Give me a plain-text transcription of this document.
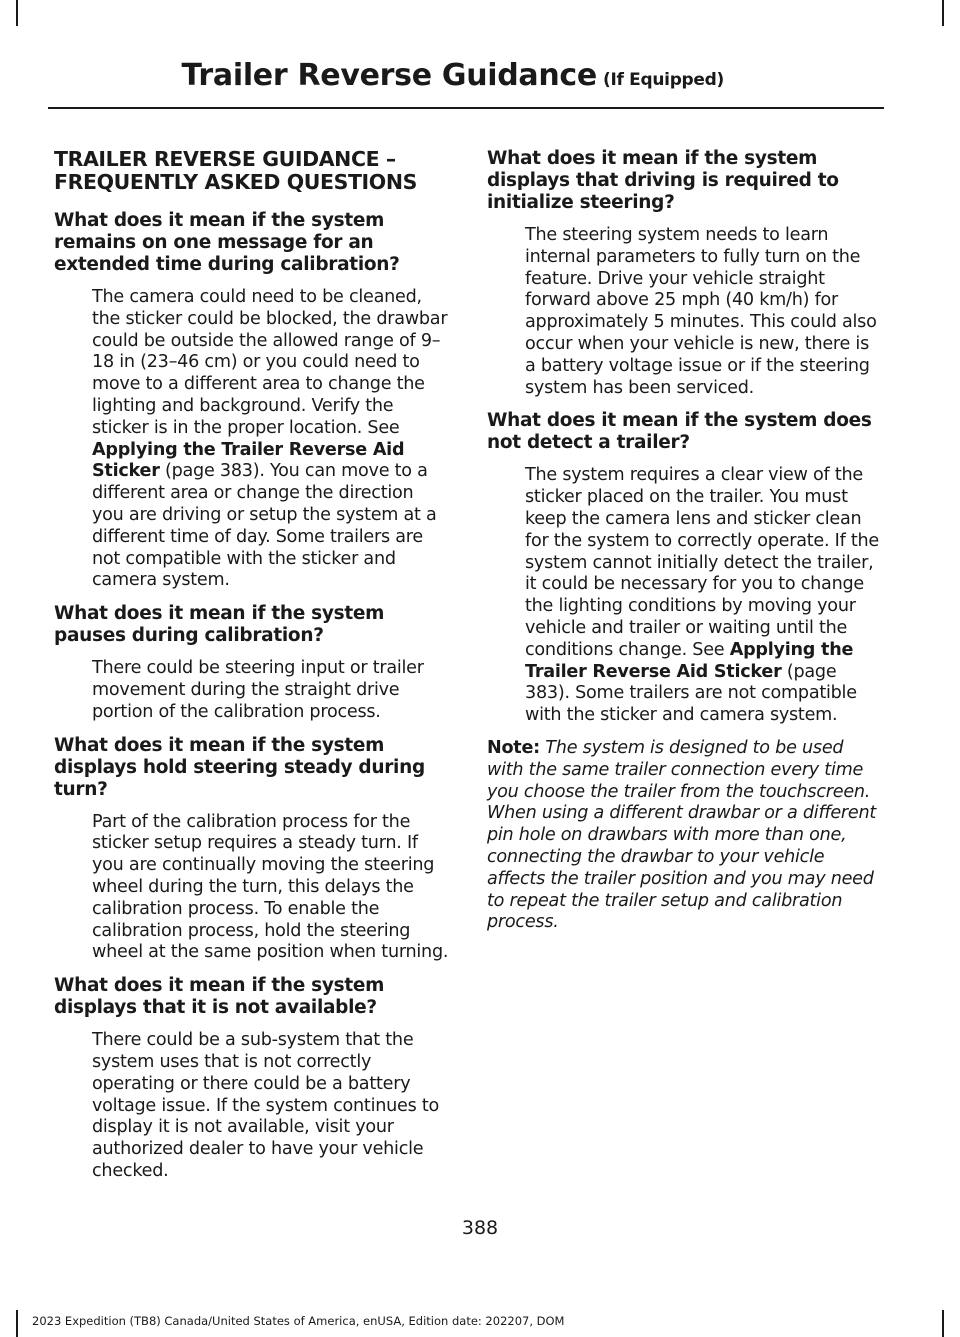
Trailer Reverse Guidance (If Equipped)
TRAILER REVERSE GUIDANCE – FREQUENTLY ASKED QUESTIONS

What does it mean if the system remains on one message for an extended time during calibration?

The camera could need to be cleaned, the sticker could be blocked, the drawbar could be outside the allowed range of 9–18 in (23–46 cm) or you could need to move to a different area to change the lighting and background. Verify the sticker is in the proper location. See Applying the Trailer Reverse Aid Sticker (page 383). You can move to a different area or change the direction you are driving or setup the system at a different time of day. Some trailers are not compatible with the sticker and camera system.

What does it mean if the system pauses during calibration?

There could be steering input or trailer movement during the straight drive portion of the calibration process.

What does it mean if the system displays hold steering steady during turn?

Part of the calibration process for the sticker setup requires a steady turn. If you are continually moving the steering wheel during the turn, this delays the calibration process. To enable the calibration process, hold the steering wheel at the same position when turning.

What does it mean if the system displays that it is not available?

There could be a sub-system that the system uses that is not correctly operating or there could be a battery voltage issue. If the system continues to display it is not available, visit your authorized dealer to have your vehicle checked.

What does it mean if the system displays that driving is required to initialize steering?

The steering system needs to learn internal parameters to fully turn on the feature. Drive your vehicle straight forward above 25 mph (40 km/h) for approximately 5 minutes. This could also occur when your vehicle is new, there is a battery voltage issue or if the steering system has been serviced.

What does it mean if the system does not detect a trailer?

The system requires a clear view of the sticker placed on the trailer. You must keep the camera lens and sticker clean for the system to correctly operate. If the system cannot initially detect the trailer, it could be necessary for you to change the lighting conditions by moving your vehicle and trailer or waiting until the conditions change. See Applying the Trailer Reverse Aid Sticker (page 383). Some trailers are not compatible with the sticker and camera system.

Note: The system is designed to be used with the same trailer connection every time you choose the trailer from the touchscreen. When using a different drawbar or a different pin hole on drawbars with more than one, connecting the drawbar to your vehicle affects the trailer position and you may need to repeat the trailer setup and calibration process.

388
2023 Expedition (TB8) Canada/United States of America, enUSA, Edition date: 202207, DOM
